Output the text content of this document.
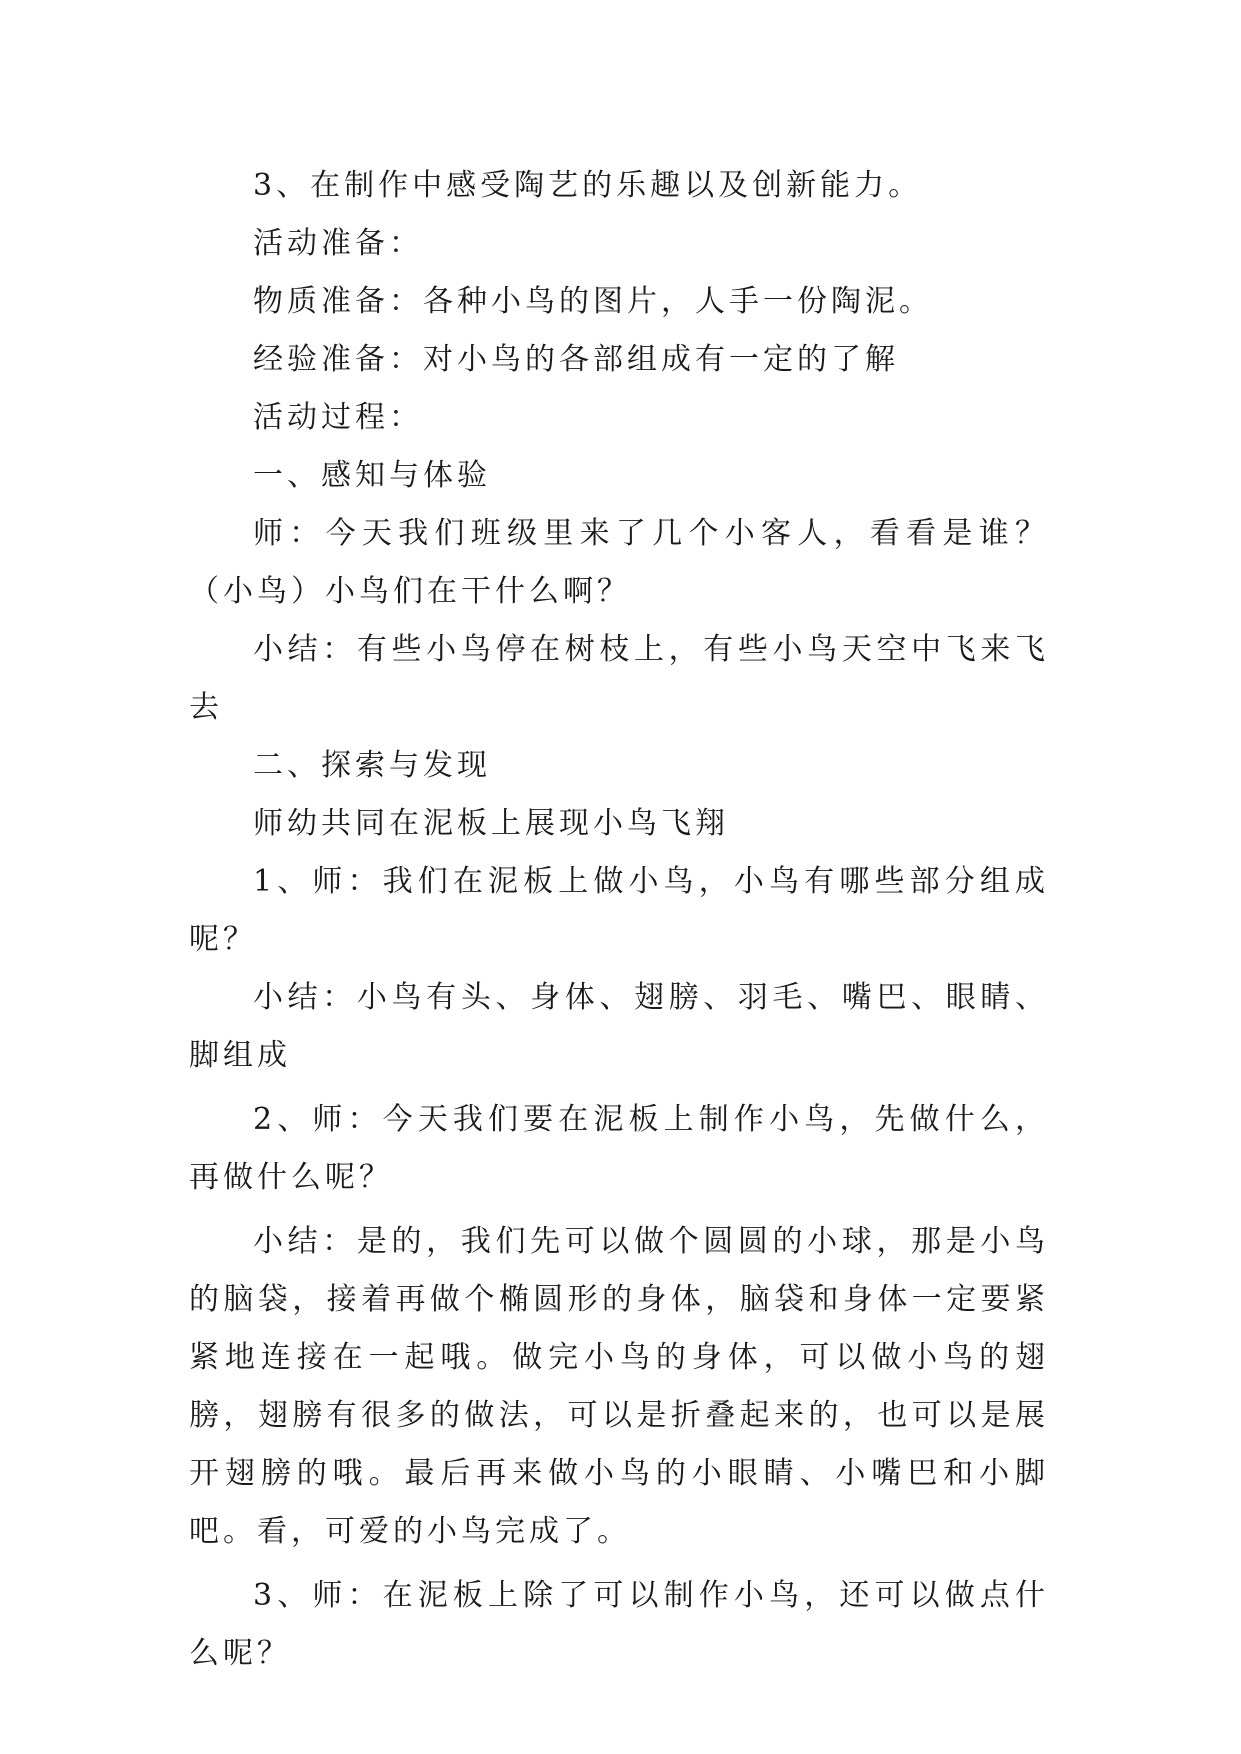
3、在制作中感受陶艺的乐趣以及创新能力。

活动准备：

物质准备：各种小鸟的图片，人手一份陶泥。

经验准备：对小鸟的各部组成有一定的了解

活动过程：

一、感知与体验

师：今天我们班级里来了几个小客人，看看是谁？（小鸟）小鸟们在干什么啊？

小结：有些小鸟停在树枝上，有些小鸟天空中飞来飞去

二、探索与发现

师幼共同在泥板上展现小鸟飞翔

1、师：我们在泥板上做小鸟，小鸟有哪些部分组成呢？

小结：小鸟有头、身体、翅膀、羽毛、嘴巴、眼睛、脚组成

2、师：今天我们要在泥板上制作小鸟，先做什么，再做什么呢？

小结：是的，我们先可以做个圆圆的小球，那是小鸟的脑袋，接着再做个椭圆形的身体，脑袋和身体一定要紧紧地连接在一起哦。做完小鸟的身体，可以做小鸟的翅膀，翅膀有很多的做法，可以是折叠起来的，也可以是展开翅膀的哦。最后再来做小鸟的小眼睛、小嘴巴和小脚吧。看，可爱的小鸟完成了。

3、师：在泥板上除了可以制作小鸟，还可以做点什么呢？
